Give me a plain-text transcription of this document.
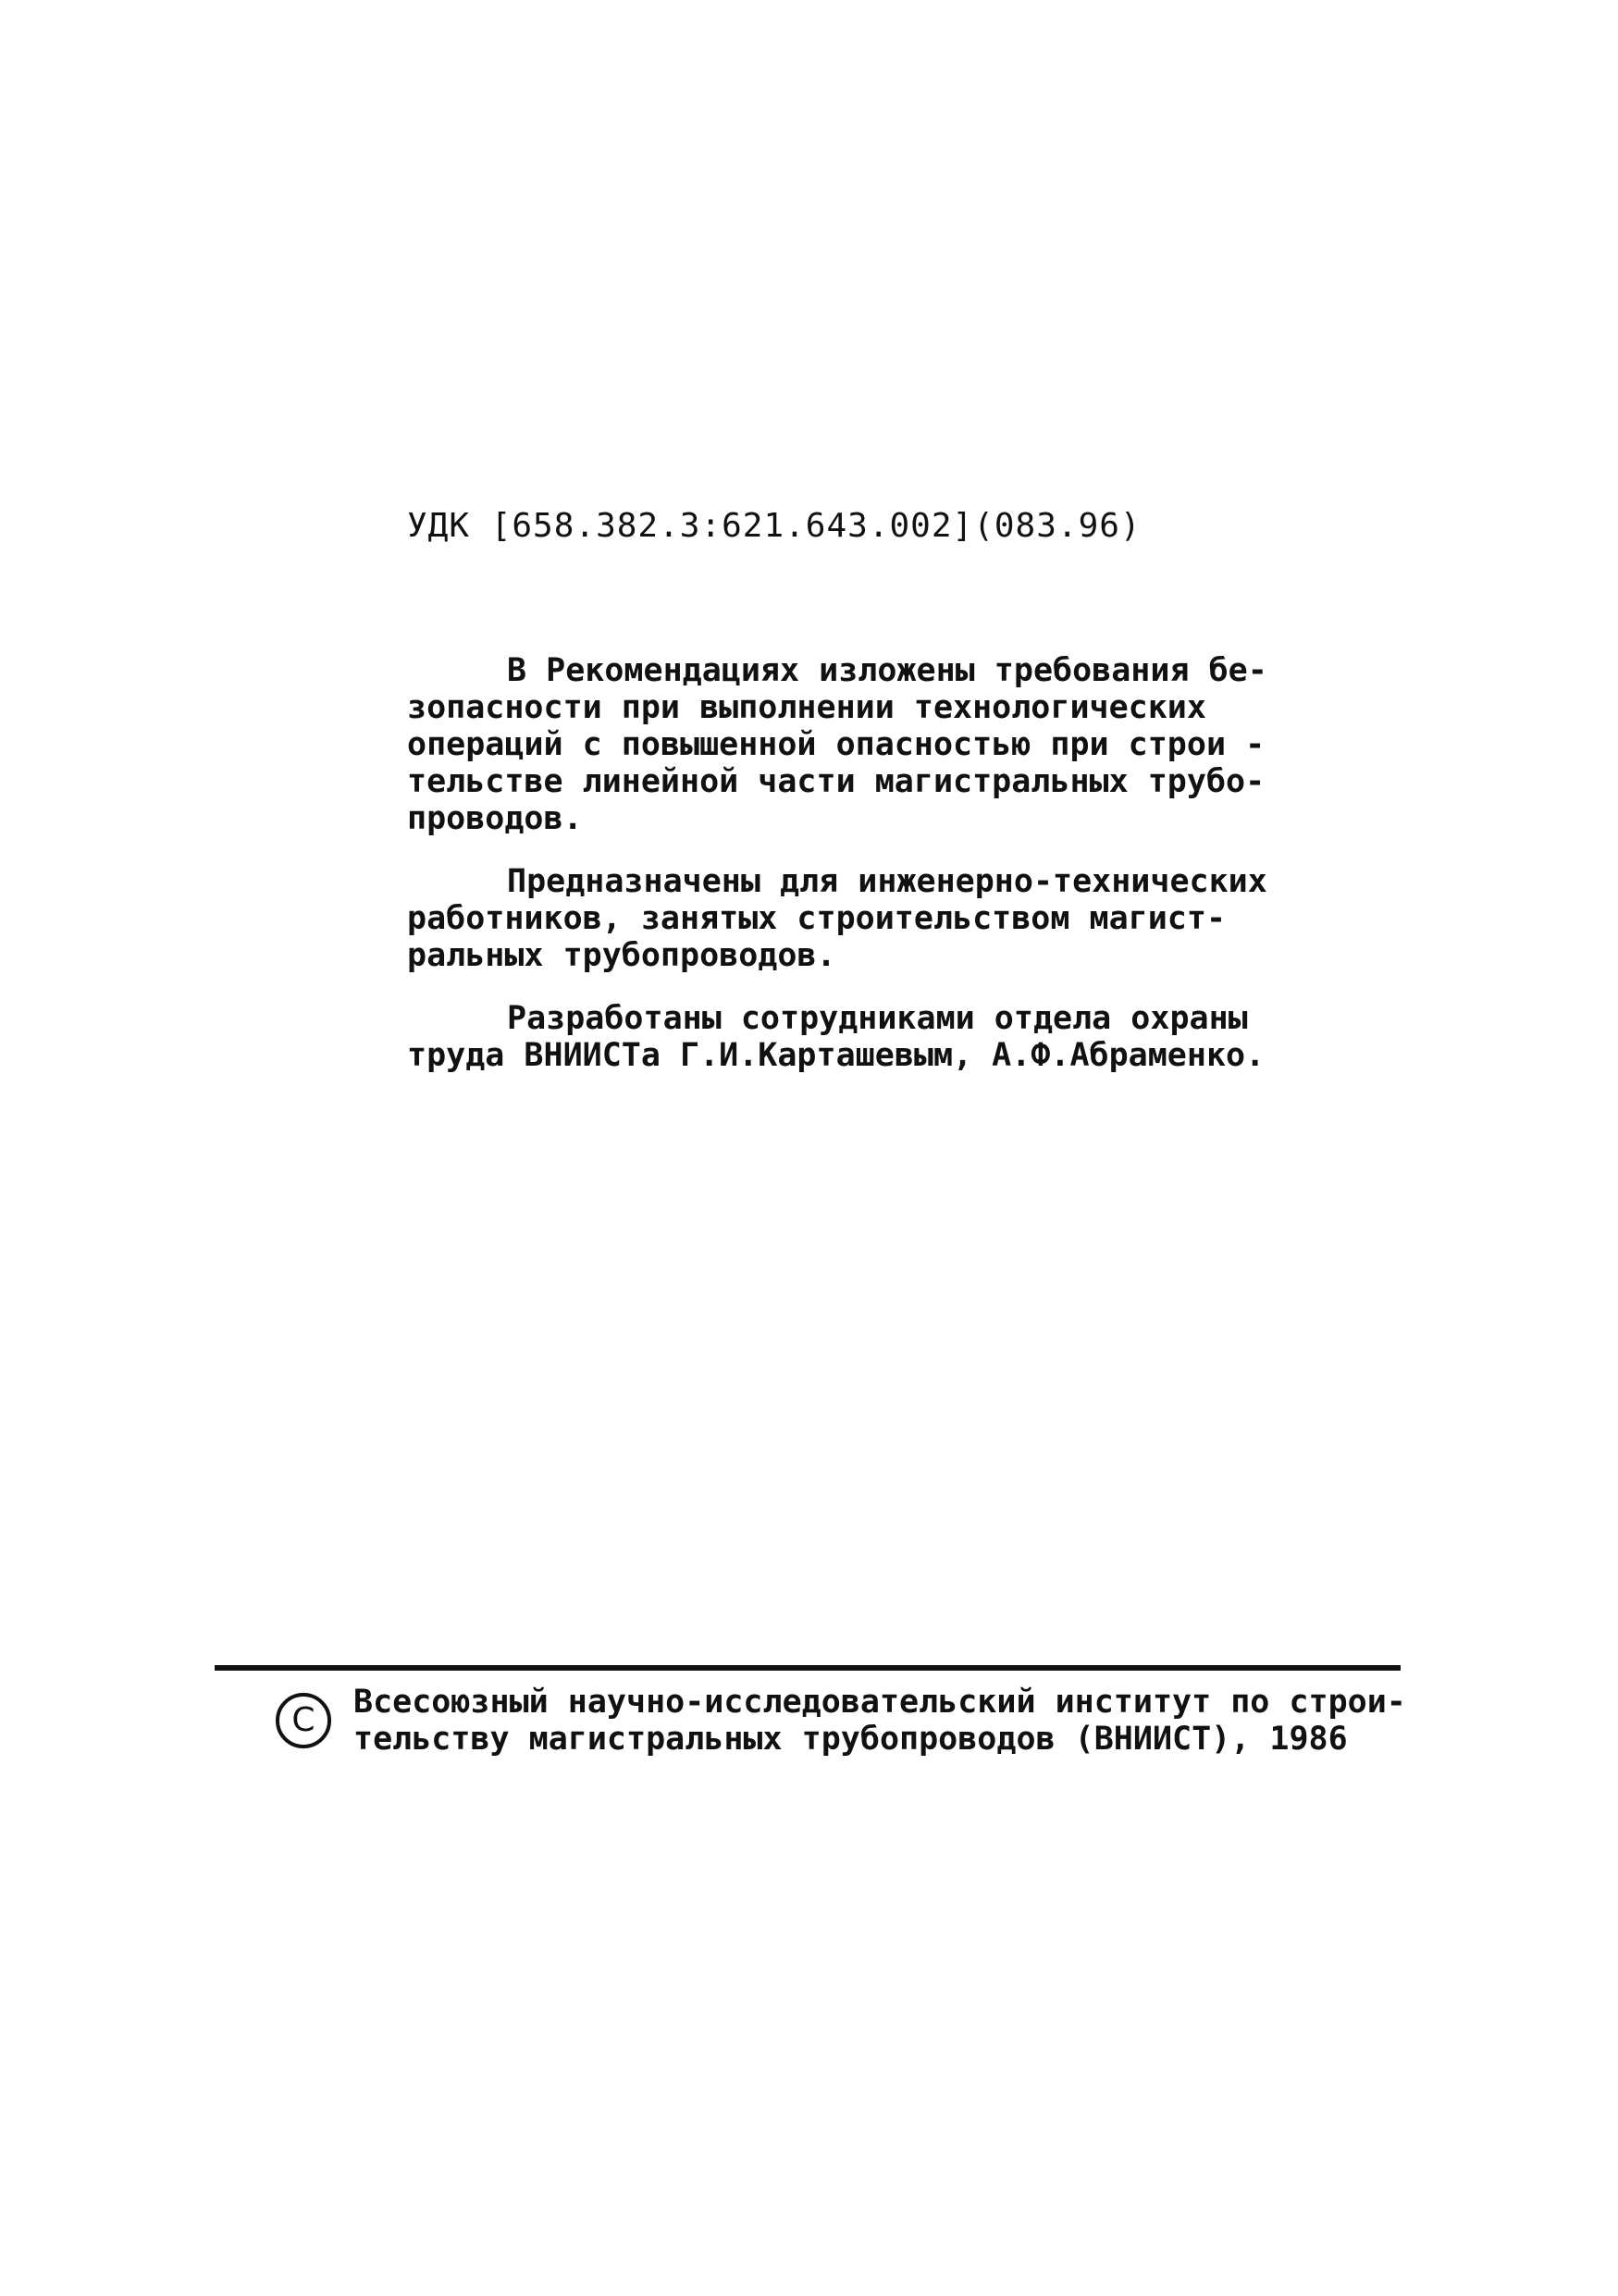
УДК [658.382.3:621.643.002](083.96)

В Рекомендациях изложены требования бе-
зопасности при выполнении технологических
операций с повышенной опасностью при строи -
тельстве линейной части магистральных трубо-
проводов.

Предназначены для инженерно-технических
работников, занятых строительством магист-
ральных трубопроводов.

Разработаны сотрудниками отдела охраны
труда ВНИИСТа Г.И.Карташевым, А.Ф.Абраменко.

C	Всесоюзный научно-исследовательский институт по строи-
тельству магистральных трубопроводов (ВНИИСТ), 1986
